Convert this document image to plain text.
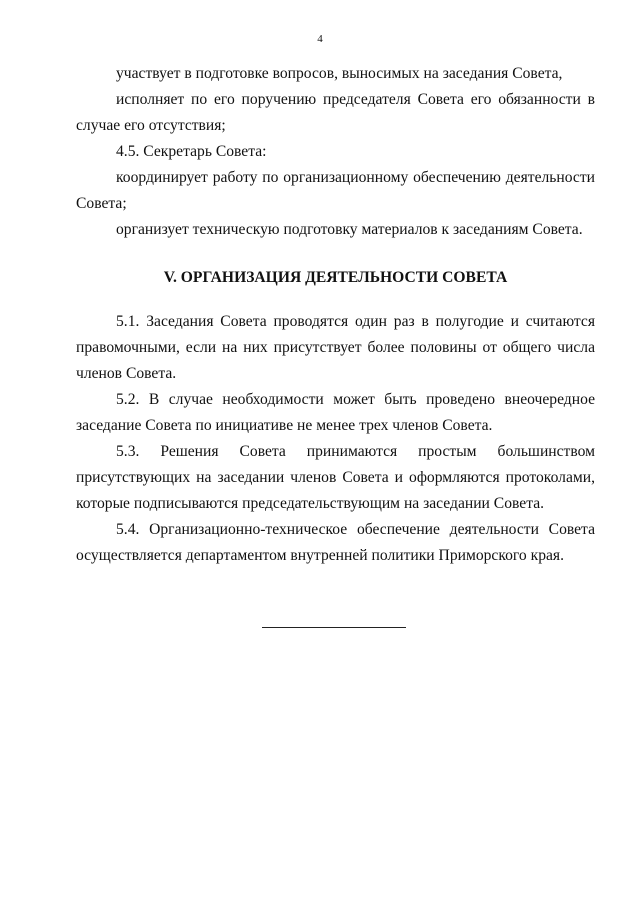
4

участвует в подготовке вопросов, выносимых на заседания Совета,

исполняет по его поручению председателя Совета его обязанности в случае его отсутствия;

4.5. Секретарь Совета:

координирует работу по организационному обеспечению деятельности Совета;

организует техническую подготовку материалов к заседаниям Совета.

V. ОРГАНИЗАЦИЯ ДЕЯТЕЛЬНОСТИ СОВЕТА

5.1. Заседания Совета проводятся один раз в полугодие и считаются правомочными, если на них присутствует более половины от общего числа членов Совета.

5.2. В случае необходимости может быть проведено внеочередное заседание Совета по инициативе не менее трех членов Совета.

5.3. Решения Совета принимаются простым большинством присутствующих на заседании членов Совета и оформляются протоколами, которые подписываются председательствующим на заседании Совета.

5.4. Организационно-техническое обеспечение деятельности Совета осуществляется департаментом внутренней политики Приморского края.
